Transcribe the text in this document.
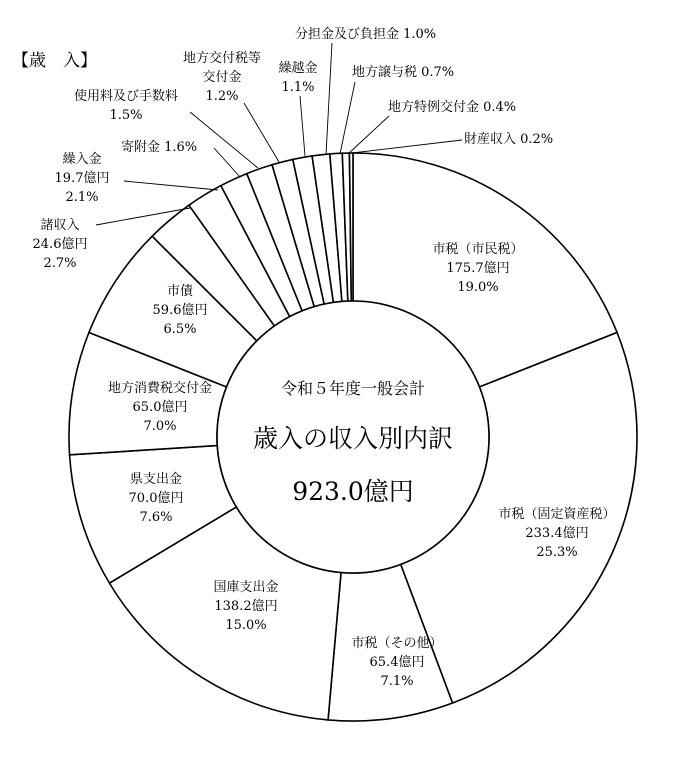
【歳　入】
令和５年度一般会計
歳入の収入別内訳
923.0億円
市税（市民税）
175.7億円
19.0%
市税（固定資産税）
233.4億円
25.3%
市税（その他）
65.4億円
7.1%
国庫支出金
138.2億円
15.0%
県支出金
70.0億円
7.6%
地方消費税交付金
65.0億円
7.0%
市債
59.6億円
6.5%
諸収入
24.6億円
2.7%
繰入金
19.7億円
2.1%
寄附金 1.6%
使用料及び手数料
1.5%
地方交付税等
交付金
1.2%
繰越金
1.1%
分担金及び負担金 1.0%
地方譲与税 0.7%
地方特例交付金 0.4%
財産収入 0.2%
